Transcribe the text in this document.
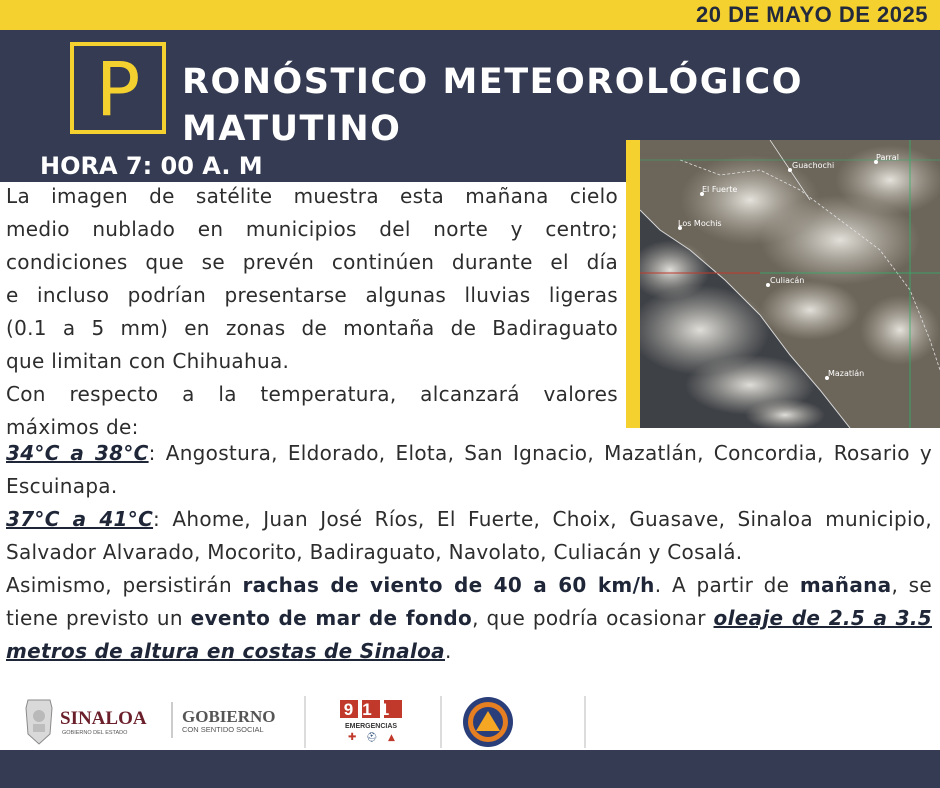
20 DE MAYO DE 2025
P	RONÓSTICO METEOROLÓGICO
MATUTINO
HORA 7: 00 A. M	Guachochi
Parral
El Fuerte
Los Mochis
Culiacán
Mazatlán
La imagen de satélite muestra esta mañana cielo
medio nublado en municipios del norte y centro;
condiciones que se prevén continúen durante el día
e incluso podrían presentarse algunas lluvias ligeras
(0.1 a 5 mm) en zonas de montaña de Badiraguato
que limitan con Chihuahua.
Con respecto a la temperatura, alcanzará valores
máximos de:
34°C a 38°C: Angostura, Eldorado, Elota, San Ignacio, Mazatlán, Concordia, Rosario y Escuinapa.
37°C a 41°C: Ahome, Juan José Ríos, El Fuerte, Choix, Guasave, Sinaloa municipio, Salvador Alvarado, Mocorito, Badiraguato, Navolato, Culiacán y Cosalá.
Asimismo, persistirán rachas de viento de 40 a 60 km/h. A partir de mañana, se tiene previsto un evento de mar de fondo, que podría ocasionar oleaje de 2.5 a 3.5 metros de altura en costas de Sinaloa.
SINALOA
GOBIERNO DEL ESTADO
GOBIERNO
CON SENTIDO SOCIAL
911
EMERGENCIAS
✚ ⛑ ▲
